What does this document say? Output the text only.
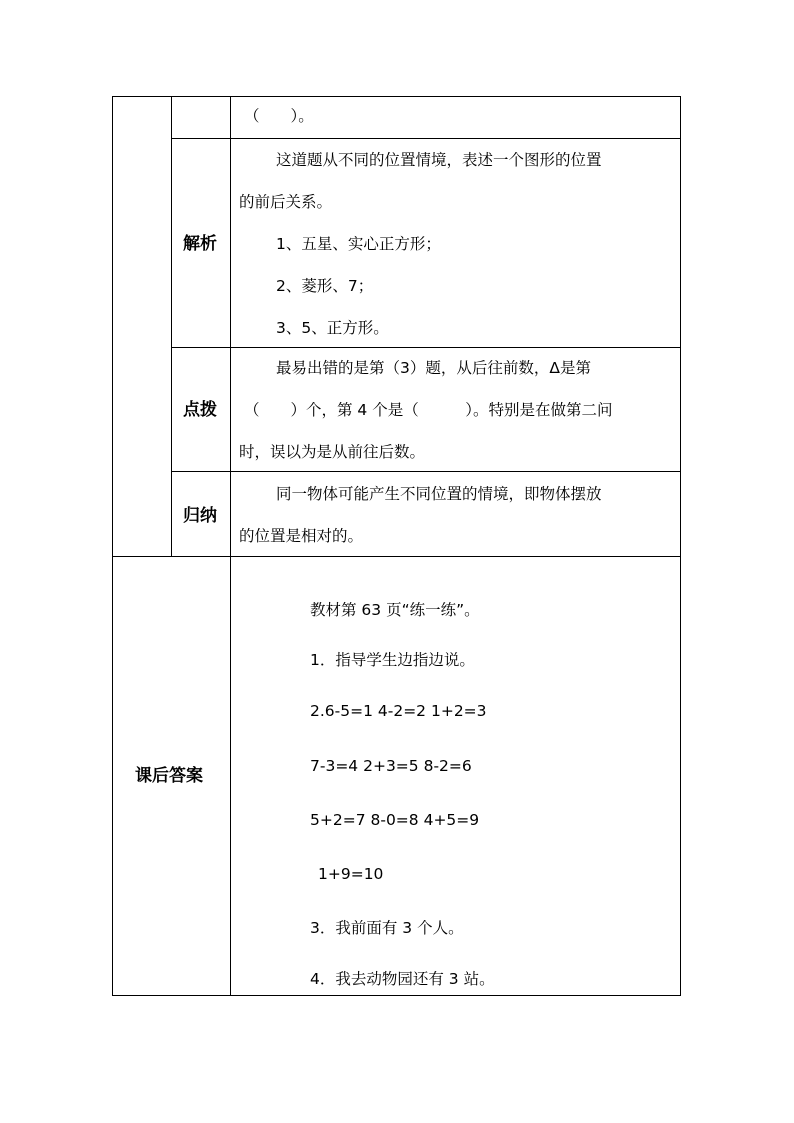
（　　）。
解析
这道题从不同的位置情境，表述一个图形的位置
的前后关系。
1、五星、实心正方形；
2、菱形、7；
3、5、正方形。
点拨
最易出错的是第（3）题，从后往前数，Δ是第
（　　）个，第 4 个是（　　　）。特别是在做第二问
时，误以为是从前往后数。
归纳
同一物体可能产生不同位置的情境，即物体摆放
的位置是相对的。
课后答案
教材第 63 页“练一练”。
1．指导学生边指边说。
2.6-5=1 4-2=2 1+2=3
7-3=4 2+3=5 8-2=6
5+2=7 8-0=8 4+5=9
1+9=10
3．我前面有 3 个人。
4．我去动物园还有 3 站。
